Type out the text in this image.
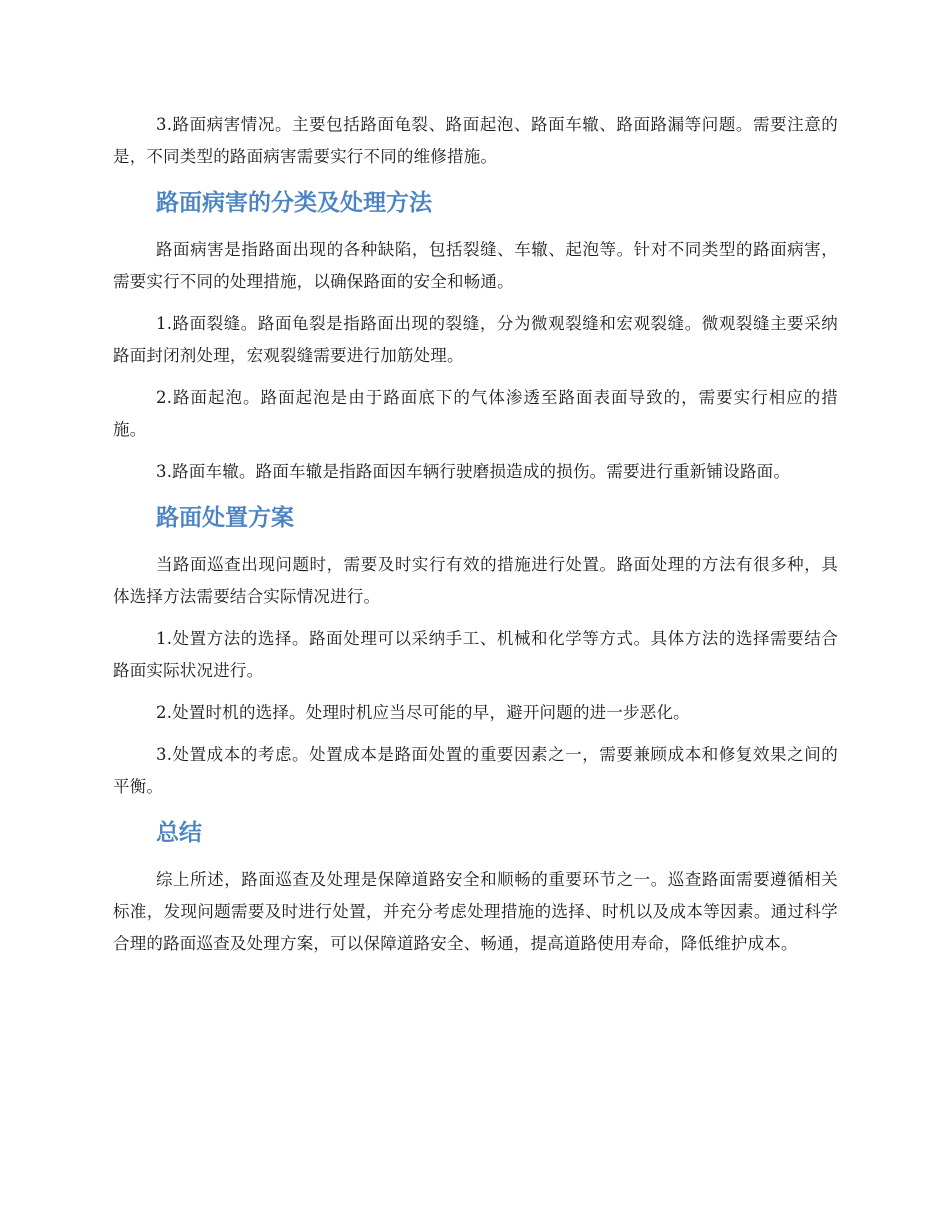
3.路面病害情况。主要包括路面龟裂、路面起泡、路面车辙、路面路漏等问题。需要注意的是，不同类型的路面病害需要实行不同的维修措施。

路面病害的分类及处理方法

路面病害是指路面出现的各种缺陷，包括裂缝、车辙、起泡等。针对不同类型的路面病害，需要实行不同的处理措施，以确保路面的安全和畅通。

1.路面裂缝。路面龟裂是指路面出现的裂缝，分为微观裂缝和宏观裂缝。微观裂缝主要采纳路面封闭剂处理，宏观裂缝需要进行加筋处理。

2.路面起泡。路面起泡是由于路面底下的气体渗透至路面表面导致的，需要实行相应的措施。

3.路面车辙。路面车辙是指路面因车辆行驶磨损造成的损伤。需要进行重新铺设路面。

路面处置方案

当路面巡查出现问题时，需要及时实行有效的措施进行处置。路面处理的方法有很多种，具体选择方法需要结合实际情况进行。

1.处置方法的选择。路面处理可以采纳手工、机械和化学等方式。具体方法的选择需要结合路面实际状况进行。

2.处置时机的选择。处理时机应当尽可能的早，避开问题的进一步恶化。

3.处置成本的考虑。处置成本是路面处置的重要因素之一，需要兼顾成本和修复效果之间的平衡。

总结

综上所述，路面巡查及处理是保障道路安全和顺畅的重要环节之一。巡查路面需要遵循相关标准，发现问题需要及时进行处置，并充分考虑处理措施的选择、时机以及成本等因素。通过科学合理的路面巡查及处理方案，可以保障道路安全、畅通，提高道路使用寿命，降低维护成本。
